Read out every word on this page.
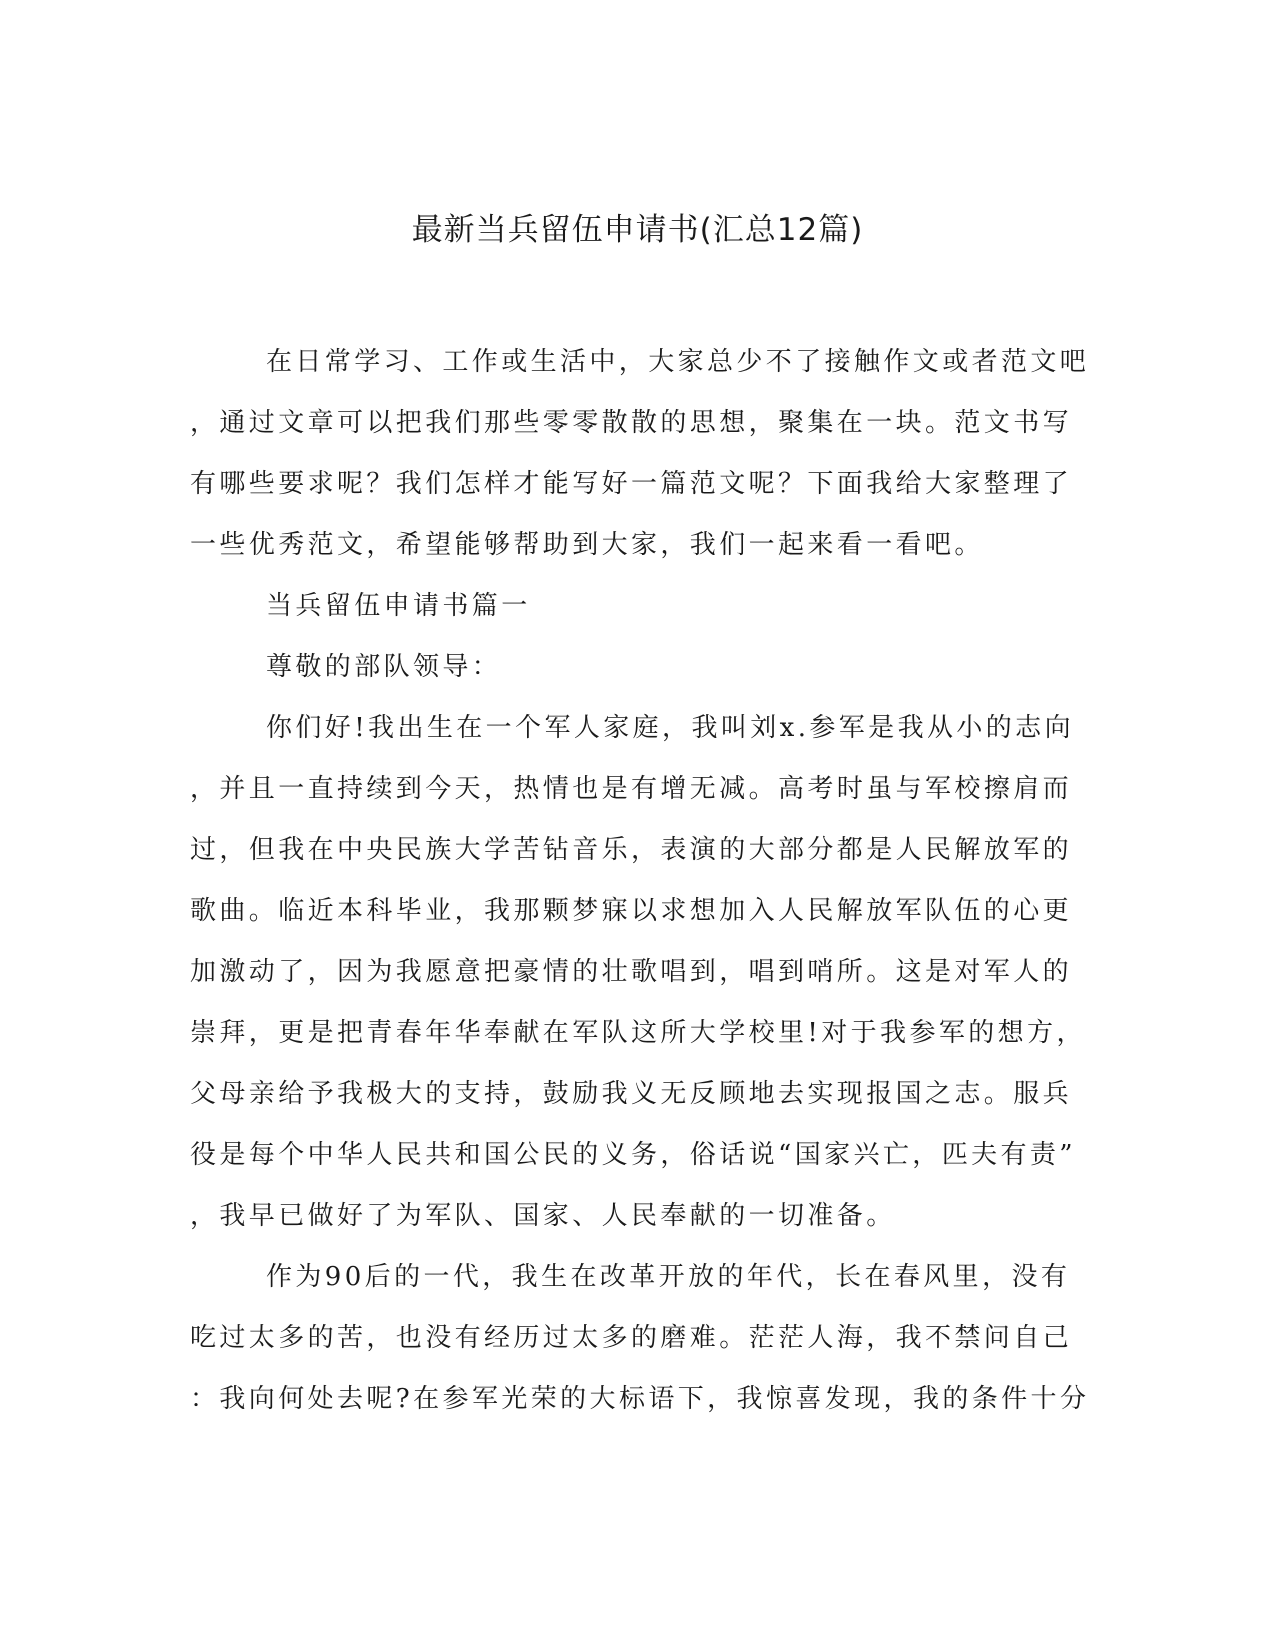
最新当兵留伍申请书(汇总12篇)

在日常学习、工作或生活中，大家总少不了接触作文或者范文吧
，通过文章可以把我们那些零零散散的思想，聚集在一块。范文书写
有哪些要求呢？我们怎样才能写好一篇范文呢？下面我给大家整理了
一些优秀范文，希望能够帮助到大家，我们一起来看一看吧。

当兵留伍申请书篇一

尊敬的部队领导：

你们好!我出生在一个军人家庭，我叫刘x.参军是我从小的志向
，并且一直持续到今天，热情也是有增无减。高考时虽与军校擦肩而
过，但我在中央民族大学苦钻音乐，表演的大部分都是人民解放军的
歌曲。临近本科毕业，我那颗梦寐以求想加入人民解放军队伍的心更
加激动了，因为我愿意把豪情的壮歌唱到，唱到哨所。这是对军人的
崇拜，更是把青春年华奉献在军队这所大学校里!对于我参军的想方，
父母亲给予我极大的支持，鼓励我义无反顾地去实现报国之志。服兵
役是每个中华人民共和国公民的义务，俗话说“国家兴亡，匹夫有责”
，我早已做好了为军队、国家、人民奉献的一切准备。

作为90后的一代，我生在改革开放的年代，长在春风里，没有
吃过太多的苦，也没有经历过太多的磨难。茫茫人海，我不禁问自己
：我向何处去呢?在参军光荣的大标语下，我惊喜发现，我的条件十分
